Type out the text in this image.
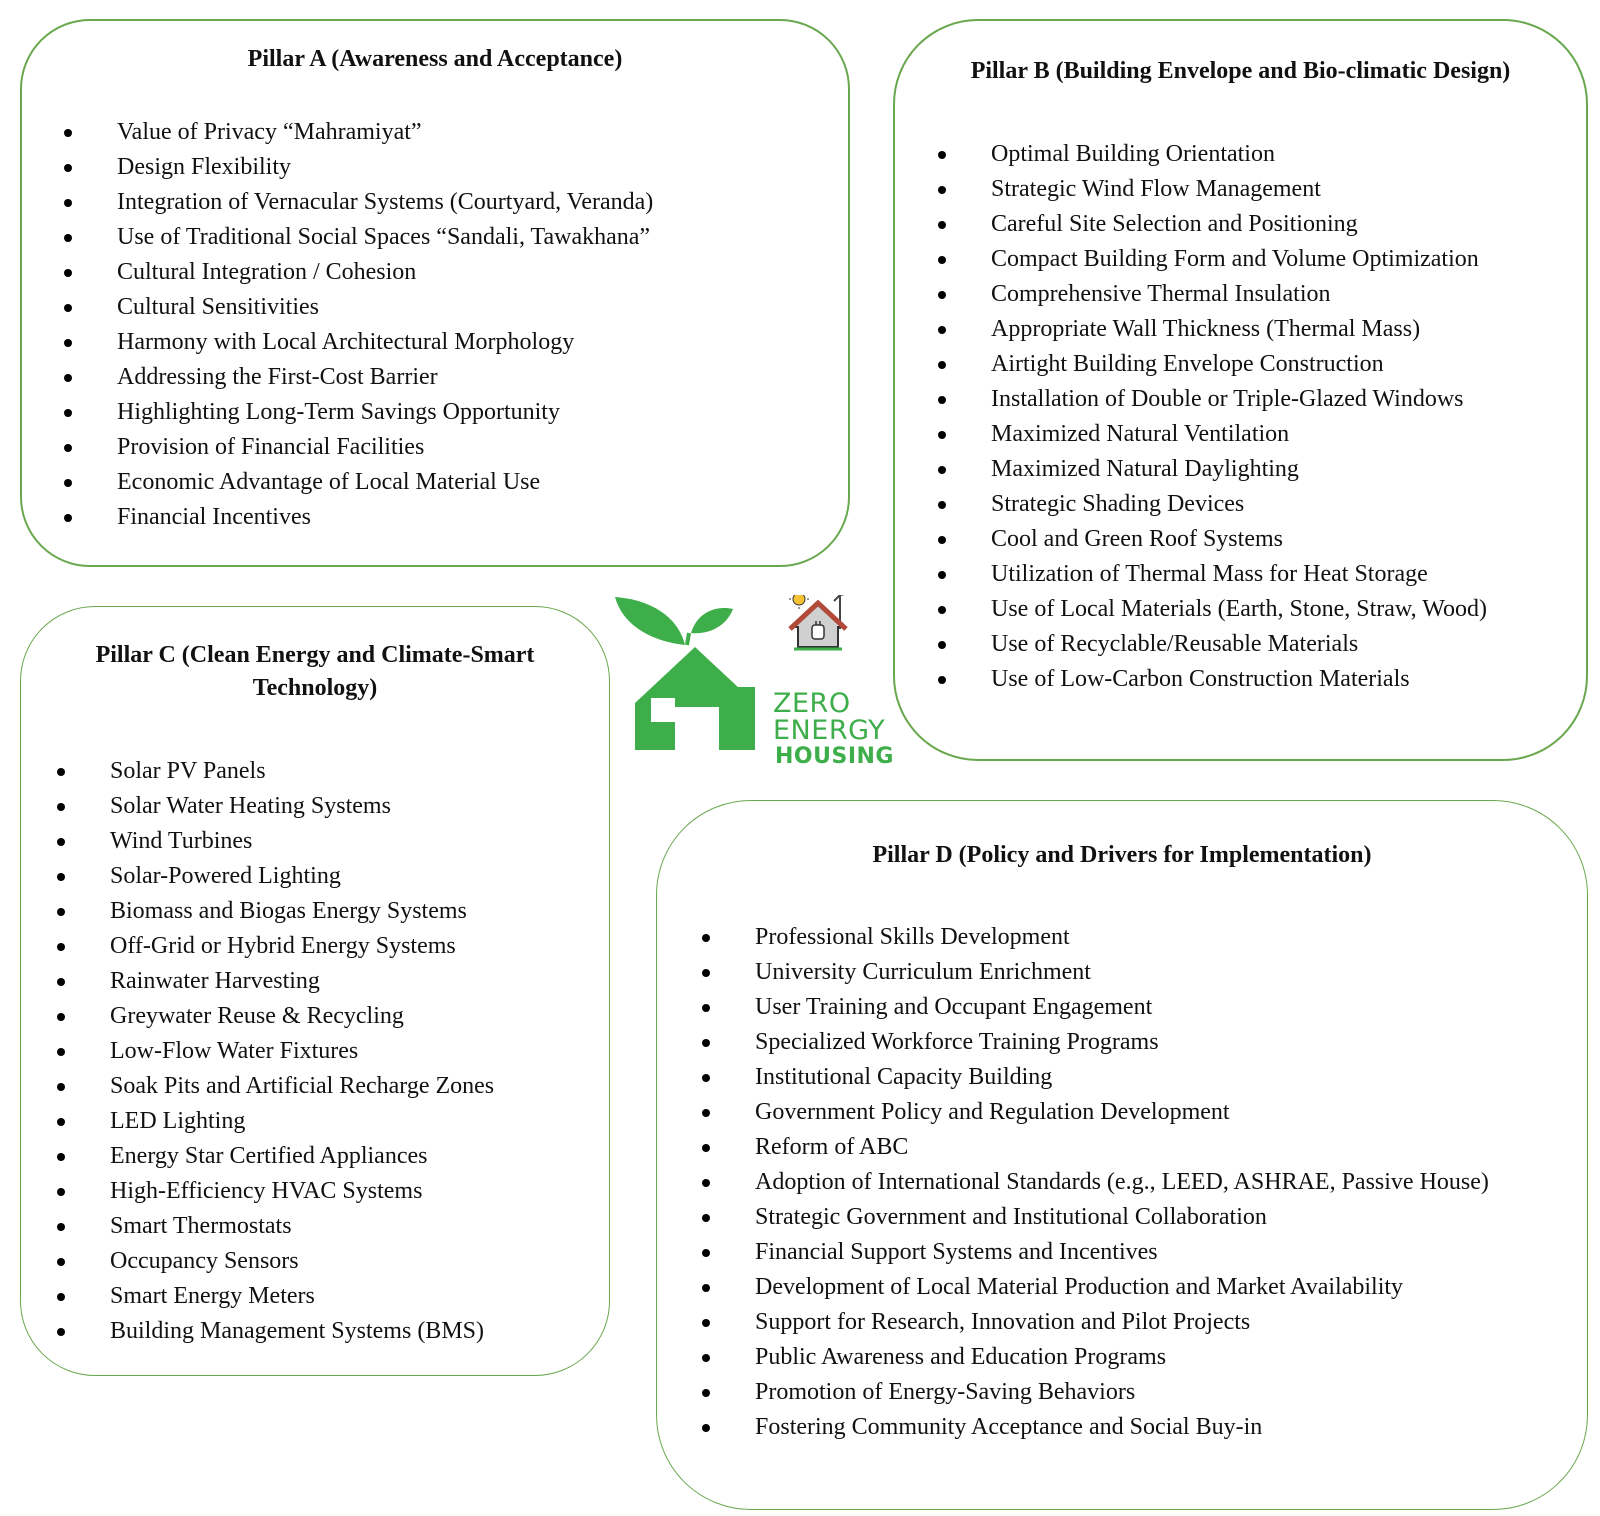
Pillar A (Awareness and Acceptance)
Value of Privacy “Mahramiyat”
Design Flexibility
Integration of Vernacular Systems (Courtyard, Veranda)
Use of Traditional Social Spaces “Sandali, Tawakhana”
Cultural Integration / Cohesion
Cultural Sensitivities
Harmony with Local Architectural Morphology
Addressing the First-Cost Barrier
Highlighting Long-Term Savings Opportunity
Provision of Financial Facilities
Economic Advantage of Local Material Use
Financial Incentives
Pillar B (Building Envelope and Bio-climatic Design)
Optimal Building Orientation
Strategic Wind Flow Management
Careful Site Selection and Positioning
Compact Building Form and Volume Optimization
Comprehensive Thermal Insulation
Appropriate Wall Thickness (Thermal Mass)
Airtight Building Envelope Construction
Installation of Double or Triple-Glazed Windows
Maximized Natural Ventilation
Maximized Natural Daylighting
Strategic Shading Devices
Cool and Green Roof Systems
Utilization of Thermal Mass for Heat Storage
Use of Local Materials (Earth, Stone, Straw, Wood)
Use of Recyclable/Reusable Materials
Use of Low-Carbon Construction Materials
ZERO
ENERGY
HOUSING
Pillar C (Clean Energy and Climate-Smart Technology)
Solar PV Panels
Solar Water Heating Systems
Wind Turbines
Solar-Powered Lighting
Biomass and Biogas Energy Systems
Off-Grid or Hybrid Energy Systems
Rainwater Harvesting
Greywater Reuse & Recycling
Low-Flow Water Fixtures
Soak Pits and Artificial Recharge Zones
LED Lighting
Energy Star Certified Appliances
High-Efficiency HVAC Systems
Smart Thermostats
Occupancy Sensors
Smart Energy Meters
Building Management Systems (BMS)
Pillar D (Policy and Drivers for Implementation)
Professional Skills Development
University Curriculum Enrichment
User Training and Occupant Engagement
Specialized Workforce Training Programs
Institutional Capacity Building
Government Policy and Regulation Development
Reform of ABC
Adoption of International Standards (e.g., LEED, ASHRAE, Passive House)
Strategic Government and Institutional Collaboration
Financial Support Systems and Incentives
Development of Local Material Production and Market Availability
Support for Research, Innovation and Pilot Projects
Public Awareness and Education Programs
Promotion of Energy-Saving Behaviors
Fostering Community Acceptance and Social Buy-in
